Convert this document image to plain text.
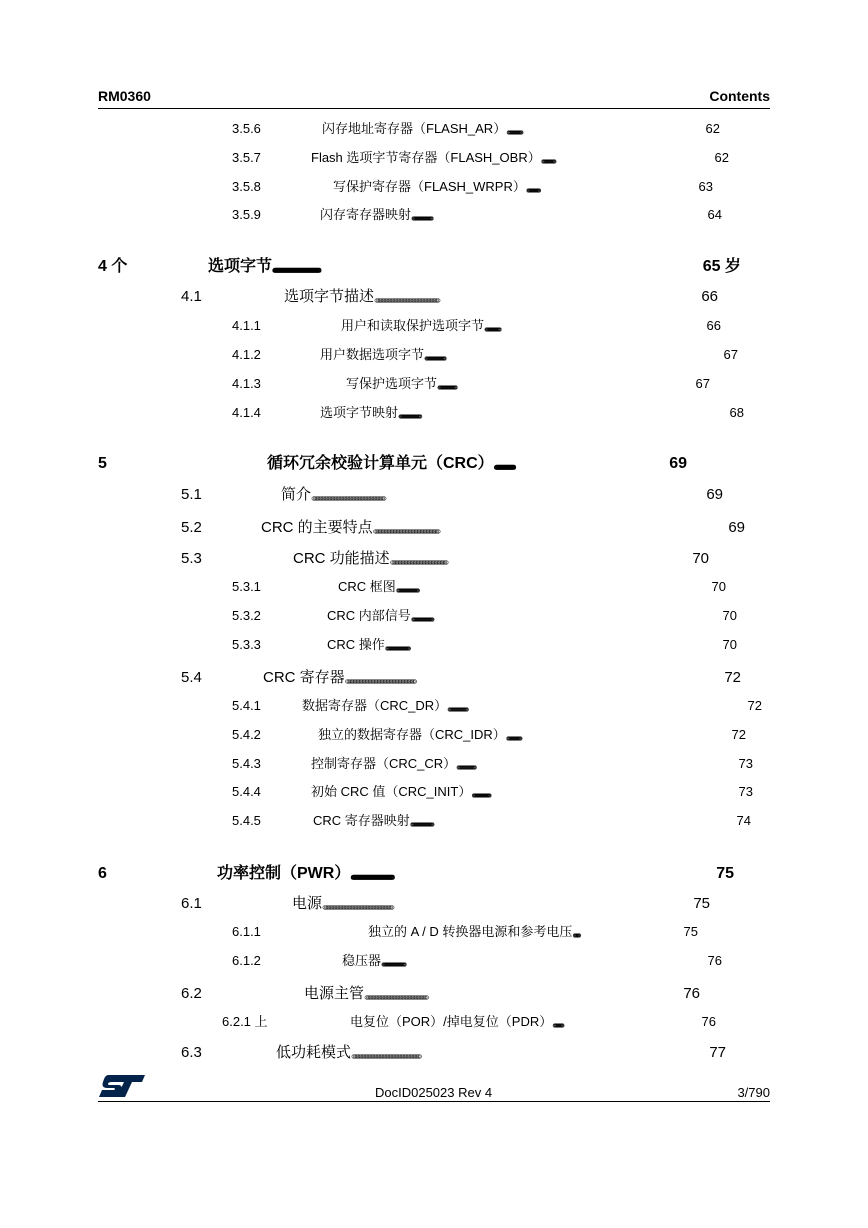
RM0360	Contents
3.5.6	闪存地址寄存器（FLASH_AR） 。。。。。。。。。。。。。。。。。。。。。。。。。。。	62
3.5.7	Flash 选项字节寄存器（FLASH_OBR） 。。。。。。。。。。。。。。。。。。。。。。。。	62
3.5.8	写保护寄存器（FLASH_WRPR） 。。。。。。。。。。。。。。。。。。。。。。。	63
3.5.9	闪存寄存器映射 。。。。。。。。。。。。。。。。。。。。。。。。。。。。。。。。。。。。。。	64
4 个	选项字节 。。。。。。。。。。。。。。。。。。。。。。。。。。。。。。。。。。。。。。。。。。。。。	65 岁
4.1	选项字节描述 。。。。。。。。。。。。。。。。。。。。。。。。。。。。。。。。。。。。。。。。。。	66
4.1.1	用户和读取保护选项字节 。。。。。。。。。。。。。。。。。。。。。。。。。。。。	66
4.1.2	用户数据选项字节 。。。。。。。。。。。。。。。。。。。。。。。。。。。。。。。。。。。。。。	67
4.1.3	写保护选项字节 。。。。。。。。。。。。。。。。。。。。。。。。。。。。。。。。。。	67
4.1.4	选项字节映射 。。。。。。。。。。。。。。。。。。。。。。。。。。。。。。。。。。。。。。。。。	68
5	循环冗余校验计算单元（CRC） 。。。。。。。。。。。。。。。。。。	69
5.1	简介 。。。。。。。。。。。。。。。。。。。。。。。。。。。。。。。。。。。。。。。。。。。。。。。。	69
5.2	CRC 的主要特点 。。。。。。。。。。。。。。。。。。。。。。。。。。。。。。。。。。。。。。。。。。。	69
5.3	CRC 功能描述 。。。。。。。。。。。。。。。。。。。。。。。。。。。。。。。。。。。。。	70
5.3.1	CRC 框图 。。。。。。。。。。。。。。。。。。。。。。。。。。。。。。。。。。。。。。。。。	70
5.3.2	CRC 内部信号 。。。。。。。。。。。。。。。。。。。。。。。。。。。。。。。。。。。。。。。。	70
5.3.3	CRC 操作 。。。。。。。。。。。。。。。。。。。。。。。。。。。。。。。。。。。。。。。。。。。。。	70
5.4	CRC 寄存器 。。。。。。。。。。。。。。。。。。。。。。。。。。。。。。。。。。。。。。。。。。。。。。	72
5.4.1	数据寄存器（CRC_DR） 。。。。。。。。。。。。。。。。。。。。。。。。。。。。。。。。。。。。	72
5.4.2	独立的数据寄存器（CRC_IDR） 。。。。。。。。。。。。。。。。。。。。。。。。。。	72
5.4.3	控制寄存器（CRC_CR） 。。。。。。。。。。。。。。。。。。。。。。。。。。。。。。。。。。	73
5.4.4	初始 CRC 值（CRC_INIT） 。。。。。。。。。。。。。。。。。。。。。。。。。。。。。。。。。	73
5.4.5	CRC 寄存器映射 。。。。。。。。。。。。。。。。。。。。。。。。。。。。。。。。。。。。。。。。。。	74
6	功率控制（PWR） 。。。。。。。。。。。。。。。。。。。。。。。。。。。。。。。。。。。。。。。。	75
6.1	电源 。。。。。。。。。。。。。。。。。。。。。。。。。。。。。。。。。。。。。。。。。。。。。。	75
6.1.1	独立的 A / D 转换器电源和参考电压 。。。。。。。。。。	75
6.1.2	稳压器 。。。。。。。。。。。。。。。。。。。。。。。。。。。。。。。。。。。。。。。。。。。。	76
6.2	电源主管 。。。。。。。。。。。。。。。。。。。。。。。。。。。。。。。。。。。。。。。。。	76
6.2.1 上	电复位（POR）/掉电复位（PDR） 。。。。。。。。。。。。。。。。。	76
6.3	低功耗模式 。。。。。。。。。。。。。。。。。。。。。。。。。。。。。。。。。。。。。。。。。。。。。	77
DocID025023 Rev 4	3/790
